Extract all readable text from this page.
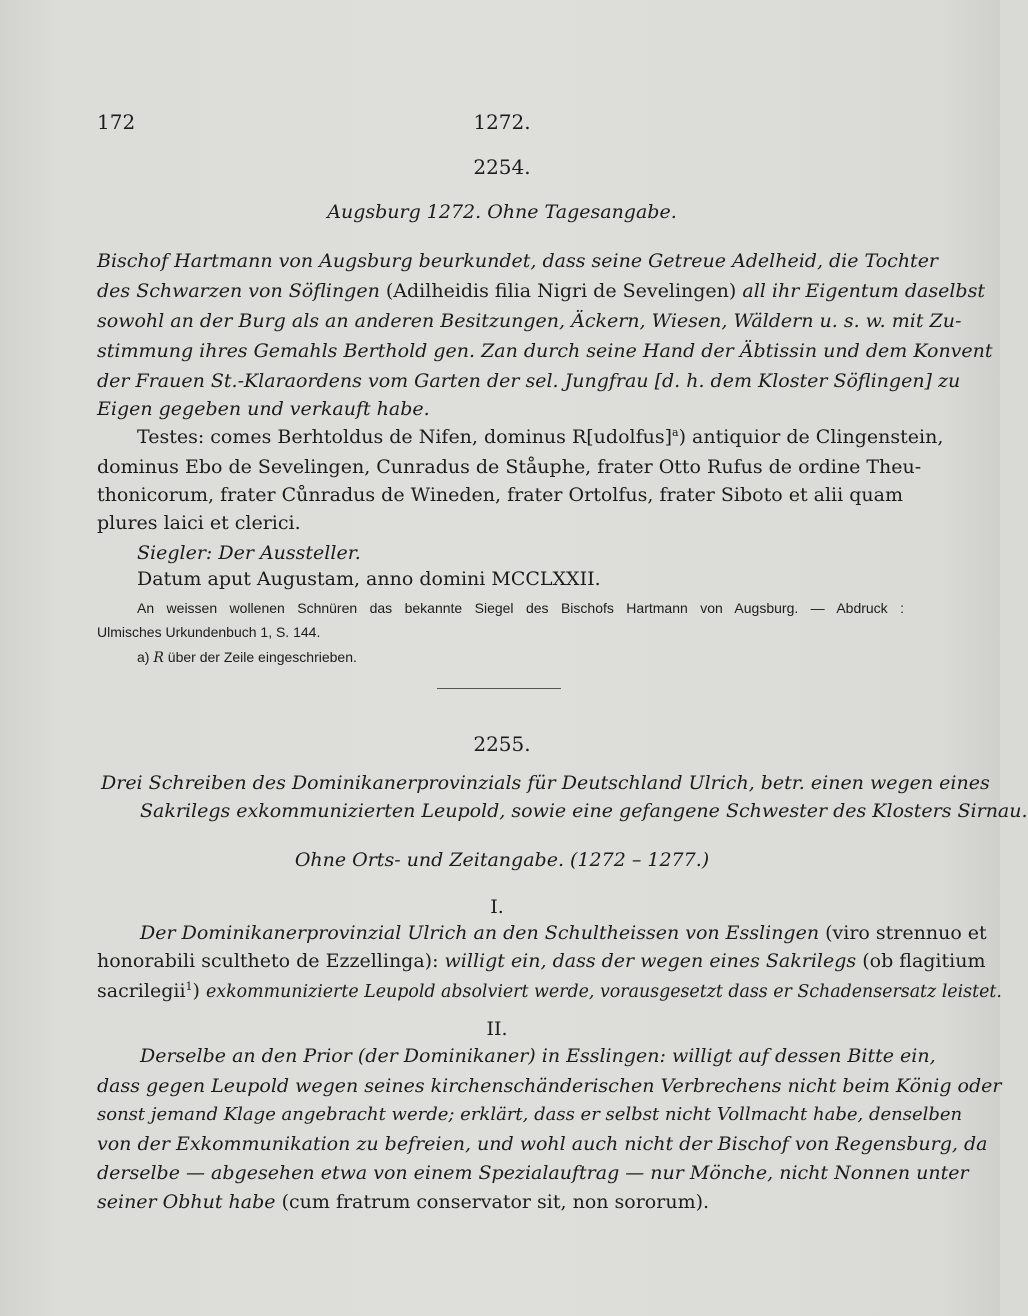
172	1272.
2254.
Augsburg 1272. Ohne Tagesangabe.
Bischof Hartmann von Augsburg beurkundet, dass seine Getreue Adelheid, die Tochter
des Schwarzen von Söflingen (Adilheidis filia Nigri de Sevelingen) all ihr Eigentum daselbst
sowohl an der Burg als an anderen Besitzungen, Äckern, Wiesen, Wäldern u. s. w. mit Zu-
stimmung ihres Gemahls Berthold gen. Zan durch seine Hand der Äbtissin und dem Konvent
der Frauen St.-Klaraordens vom Garten der sel. Jungfrau [d. h. dem Kloster Söflingen] zu
Eigen gegeben und verkauft habe.
Testes: comes Berhtoldus de Nifen, dominus R[udolfus]$^a$) antiquior de Clingenstein,
dominus Ebo de Sevelingen, Cunradus de Ståuphe, frater Otto Rufus de ordine Theu-
thonicorum, frater Cůnradus de Wineden, frater Ortolfus, frater Siboto et alii quam
plures laici et clerici.
Siegler: Der Aussteller.
Datum aput Augustam, anno domini MCCLXXII.
An weissen wollenen Schnüren das bekannte Siegel des Bischofs Hartmann von Augsburg. — Abdruck :
Ulmisches Urkundenbuch 1, S. 144.
a) R über der Zeile eingeschrieben.
2255.
Drei Schreiben des Dominikanerprovinzials für Deutschland Ulrich, betr. einen wegen eines
Sakrilegs exkommunizierten Leupold, sowie eine gefangene Schwester des Klosters Sirnau.
Ohne Orts- und Zeitangabe. (1272 – 1277.)
I.
Der Dominikanerprovinzial Ulrich an den Schultheissen von Esslingen (viro strennuo et
honorabili scultheto de Ezzellinga): willigt ein, dass der wegen eines Sakrilegs (ob flagitium
sacrilegii$^1$) exkommunizierte Leupold absolviert werde, vorausgesetzt dass er Schadensersatz leistet.
II.
Derselbe an den Prior (der Dominikaner) in Esslingen: willigt auf dessen Bitte ein,
dass gegen Leupold wegen seines kirchenschänderischen Verbrechens nicht beim König oder
sonst jemand Klage angebracht werde; erklärt, dass er selbst nicht Vollmacht habe, denselben
von der Exkommunikation zu befreien, und wohl auch nicht der Bischof von Regensburg, da
derselbe — abgesehen etwa von einem Spezialauftrag — nur Mönche, nicht Nonnen unter
seiner Obhut habe (cum fratrum conservator sit, non sororum).
